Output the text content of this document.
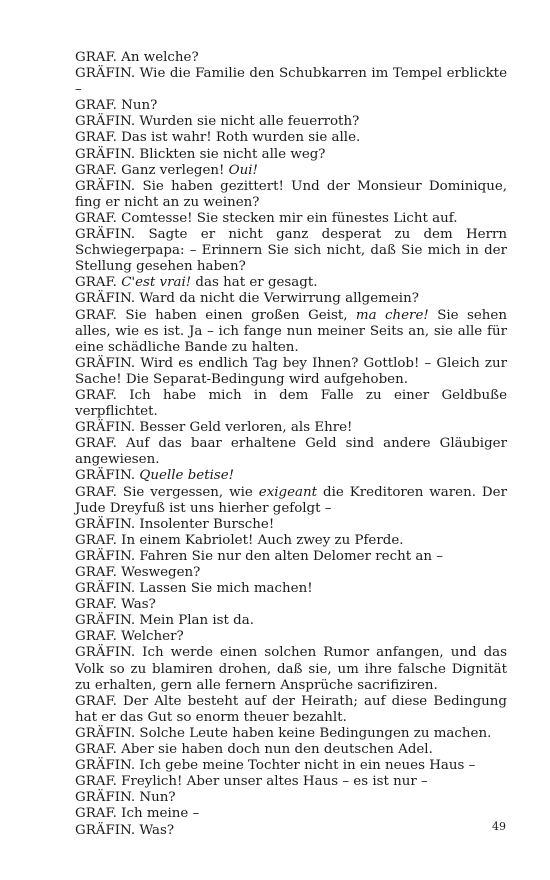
GRAF. An welche?
GRÄFIN. Wie die Familie den Schubkarren im Tempel erblickte –
GRAF. Nun?
GRÄFIN. Wurden sie nicht alle feuerroth?
GRAF. Das ist wahr! Roth wurden sie alle.
GRÄFIN. Blickten sie nicht alle weg?
GRAF. Ganz verlegen! Oui!
GRÄFIN. Sie haben gezittert! Und der Monsieur Dominique, fing er nicht an zu weinen?
GRAF. Comtesse! Sie stecken mir ein fünestes Licht auf.
GRÄFIN. Sagte er nicht ganz desperat zu dem Herrn Schwiegerpapa: – Erinnern Sie sich nicht, daß Sie mich in der Stellung gesehen haben?
GRAF. C'est vrai! das hat er gesagt.
GRÄFIN. Ward da nicht die Verwirrung allgemein?
GRAF. Sie haben einen großen Geist, ma chere! Sie sehen alles, wie es ist. Ja – ich fange nun meiner Seits an, sie alle für eine schädliche Bande zu halten.
GRÄFIN. Wird es endlich Tag bey Ihnen? Gottlob! – Gleich zur Sache! Die Separat-Bedingung wird aufgehoben.
GRAF. Ich habe mich in dem Falle zu einer Geldbuße verpflichtet.
GRÄFIN. Besser Geld verloren, als Ehre!
GRAF. Auf das baar erhaltene Geld sind andere Gläubiger angewiesen.
GRÄFIN. Quelle betise!
GRAF. Sie vergessen, wie exigeant die Kreditoren waren. Der Jude Dreyfuß ist uns hierher gefolgt –
GRÄFIN. Insolenter Bursche!
GRAF. In einem Kabriolet! Auch zwey zu Pferde.
GRÄFIN. Fahren Sie nur den alten Delomer recht an –
GRAF. Weswegen?
GRÄFIN. Lassen Sie mich machen!
GRAF. Was?
GRÄFIN. Mein Plan ist da.
GRAF. Welcher?
GRÄFIN. Ich werde einen solchen Rumor anfangen, und das Volk so zu blamiren drohen, daß sie, um ihre falsche Dignität zu erhalten, gern alle fernern Ansprüche sacrifiziren.
GRAF. Der Alte besteht auf der Heirath; auf diese Bedingung hat er das Gut so enorm theuer bezahlt.
GRÄFIN. Solche Leute haben keine Bedingungen zu machen.
GRAF. Aber sie haben doch nun den deutschen Adel.
GRÄFIN. Ich gebe meine Tochter nicht in ein neues Haus –
GRAF. Freylich! Aber unser altes Haus – es ist nur –
GRÄFIN. Nun?
GRAF. Ich meine –
GRÄFIN. Was?	49
